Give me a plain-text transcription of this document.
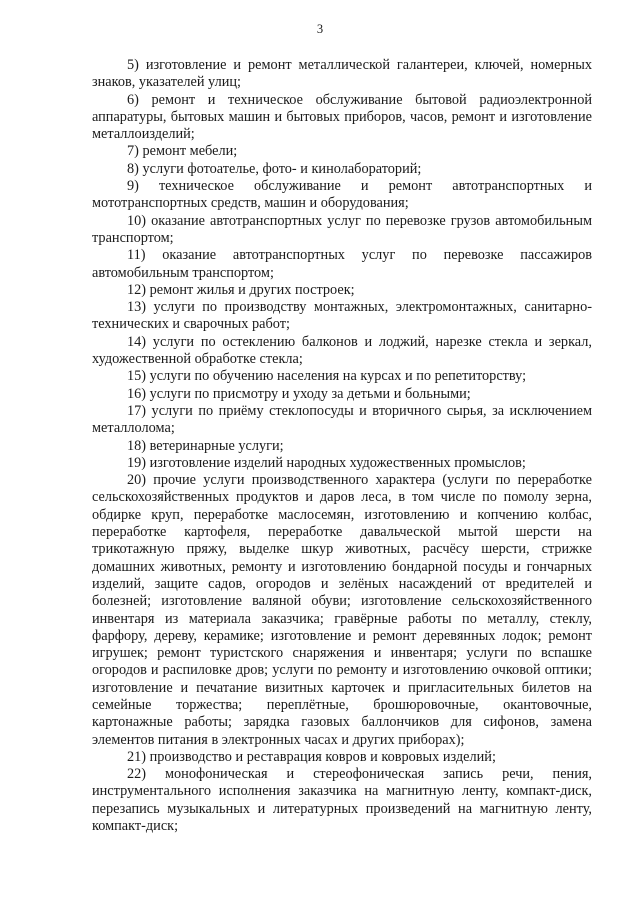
3

5) изготовление и ремонт металлической галантереи, ключей, номерных знаков, указателей улиц;

6) ремонт и техническое обслуживание бытовой радиоэлектронной аппаратуры, бытовых машин и бытовых приборов, часов, ремонт и изготовление металлоизделий;

7) ремонт мебели;

8) услуги фотоателье, фото- и кинолабораторий;

9) техническое обслуживание и ремонт автотранспортных и мототранспортных средств, машин и оборудования;

10) оказание автотранспортных услуг по перевозке грузов автомобильным транспортом;

11) оказание автотранспортных услуг по перевозке пассажиров автомобильным транспортом;

12) ремонт жилья и других построек;

13) услуги по производству монтажных, электромонтажных, санитарно-технических и сварочных работ;

14) услуги по остеклению балконов и лоджий, нарезке стекла и зеркал, художественной обработке стекла;

15) услуги по обучению населения на курсах и по репетиторству;

16) услуги по присмотру и уходу за детьми и больными;

17) услуги по приёму стеклопосуды и вторичного сырья, за исключением металлолома;

18) ветеринарные услуги;

19) изготовление изделий народных художественных промыслов;

20) прочие услуги производственного характера (услуги по переработке сельскохозяйственных продуктов и даров леса, в том числе по помолу зерна, обдирке круп, переработке маслосемян, изготовлению и копчению колбас, переработке картофеля, переработке давальческой мытой шерсти на трикотажную пряжу, выделке шкур животных, расчёсу шерсти, стрижке домашних животных, ремонту и изготовлению бондарной посуды и гончарных изделий, защите садов, огородов и зелёных насаждений от вредителей и болезней; изготовление валяной обуви; изготовление сельскохозяйственного инвентаря из материала заказчика; гравёрные работы по металлу, стеклу, фарфору, дереву, керамике; изготовление и ремонт деревянных лодок; ремонт игрушек; ремонт туристского снаряжения и инвентаря; услуги по вспашке огородов и распиловке дров; услуги по ремонту и изготовлению очковой оптики; изготовление и печатание визитных карточек и пригласительных билетов на семейные торжества; переплётные, брошюровочные, окантовочные, картонажные работы; зарядка газовых баллончиков для сифонов, замена элементов питания в электронных часах и других приборах);

21) производство и реставрация ковров и ковровых изделий;

22) монофоническая и стереофоническая запись речи, пения, инструментального исполнения заказчика на магнитную ленту, компакт-диск, перезапись музыкальных и литературных произведений на магнитную ленту, компакт-диск;
